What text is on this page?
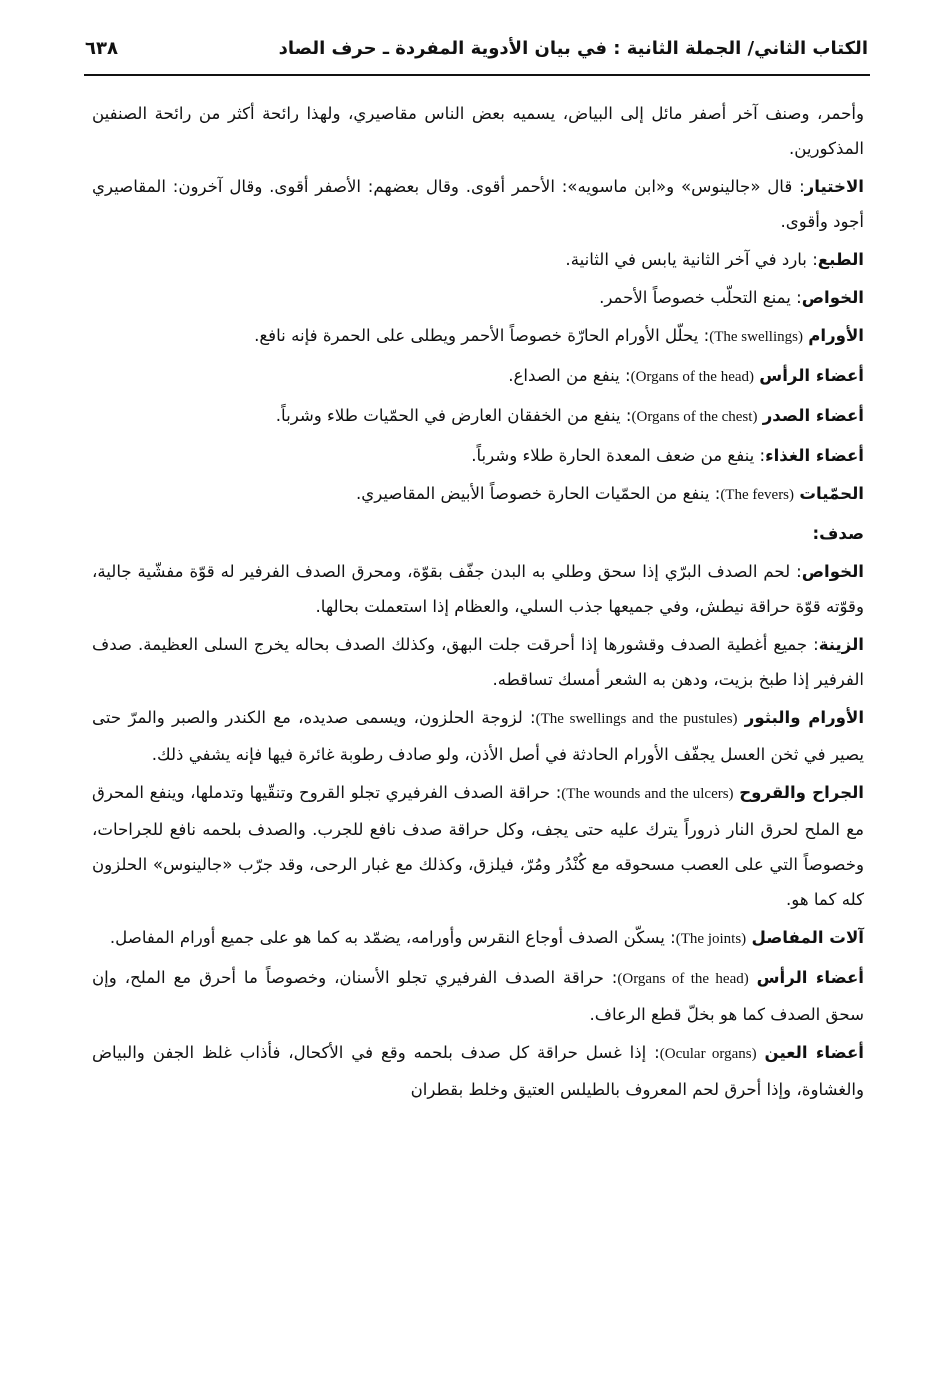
الكتاب الثاني/ الجملة الثانية : في بيان الأدوية المفردة ـ حرف الصاد
٦٣٨

وأحمر، وصنف آخر أصفر مائل إلى البياض، يسميه بعض الناس مقاصيري، ولهذا رائحة أكثر من رائحة الصنفين المذكورين.

الاختيار: قال «جالينوس» و«ابن ماسويه»: الأحمر أقوى. وقال بعضهم: الأصفر أقوى. وقال آخرون: المقاصيري أجود وأقوى.

الطبع: بارد في آخر الثانية يابس في الثانية.

الخواص: يمنع التحلّب خصوصاً الأحمر.

الأورام (The swellings): يحلّل الأورام الحارّة خصوصاً الأحمر ويطلى على الحمرة فإنه نافع.

أعضاء الرأس (Organs of the head): ينفع من الصداع.

أعضاء الصدر (Organs of the chest): ينفع من الخفقان العارض في الحمّيات طلاء وشرباً.

أعضاء الغذاء: ينفع من ضعف المعدة الحارة طلاء وشرباً.

الحمّيات (The fevers): ينفع من الحمّيات الحارة خصوصاً الأبيض المقاصيري.

صدف:

الخواص: لحم الصدف البرّي إذا سحق وطلي به البدن جفّف بقوّة، ومحرق الصدف الفرفير له قوّة مفشّية جالية، وقوّته قوّة حراقة نيطش، وفي جميعها جذب السلي، والعظام إذا استعملت بحالها.

الزينة: جميع أغطية الصدف وقشورها إذا أحرقت جلت البهق، وكذلك الصدف بحاله يخرج السلى العظيمة. صدف الفرفير إذا طبخ بزيت، ودهن به الشعر أمسك تساقطه.

الأورام والبثور (The swellings and the pustules): لزوجة الحلزون، ويسمى صديده، مع الكندر والصبر والمرّ حتى يصير في ثخن العسل يجفّف الأورام الحادثة في أصل الأذن، ولو صادف رطوبة غائرة فيها فإنه يشفي ذلك.

الجراح والقروح (The wounds and the ulcers): حراقة الصدف الفرفيري تجلو القروح وتنقّيها وتدملها، وينفع المحرق مع الملح لحرق النار ذروراً يترك عليه حتى يجف، وكل حراقة صدف نافع للجرب. والصدف بلحمه نافع للجراحات، وخصوصاً التي على العصب مسحوقه مع كُنْدُر ومُرّ، فيلزق، وكذلك مع غبار الرحى، وقد جرّب «جالينوس» الحلزون كله كما هو.

آلات المفاصل (The joints): يسكّن الصدف أوجاع النقرس وأورامه، يضمّد به كما هو على جميع أورام المفاصل.

أعضاء الرأس (Organs of the head): حراقة الصدف الفرفيري تجلو الأسنان، وخصوصاً ما أحرق مع الملح، وإن سحق الصدف كما هو بخلّ قطع الرعاف.

أعضاء العين (Ocular organs): إذا غسل حراقة كل صدف بلحمه وقع في الأكحال، فأذاب غلظ الجفن والبياض والغشاوة، وإذا أحرق لحم المعروف بالطيلس العتيق وخلط بقطران
